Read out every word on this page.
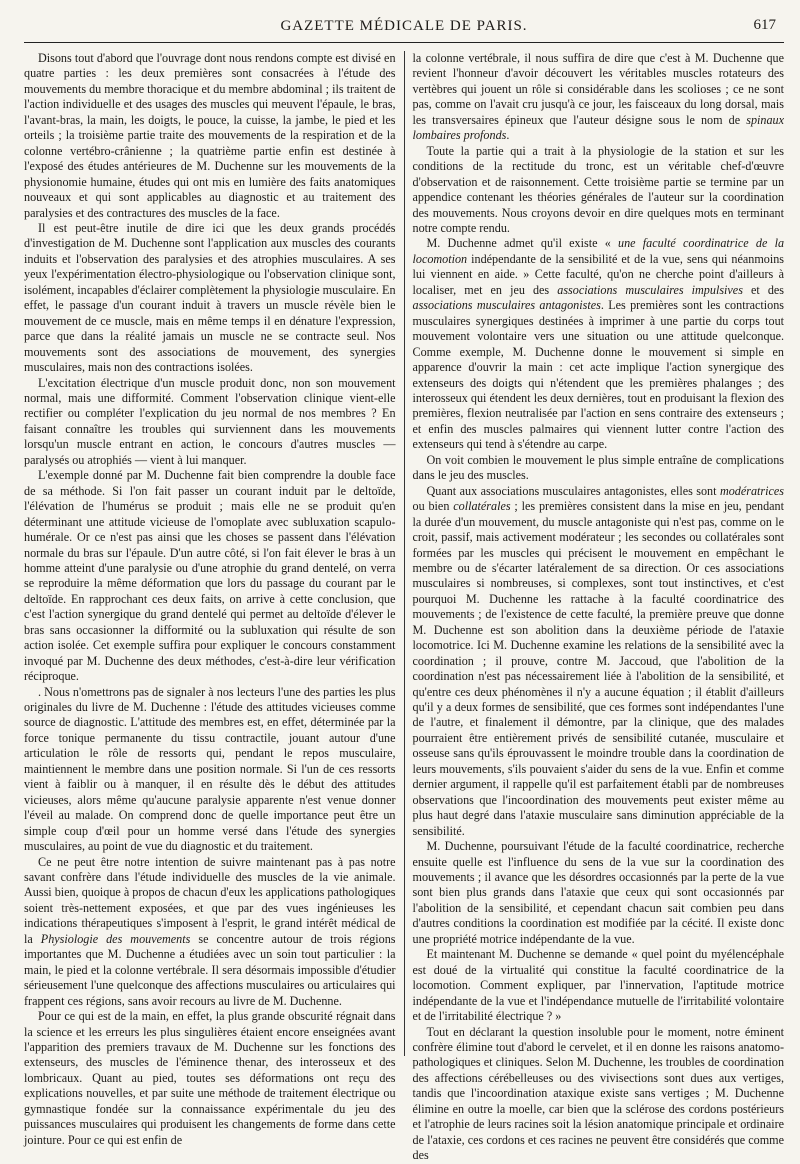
GAZETTE MÉDICALE DE PARIS.	617

Disons tout d'abord que l'ouvrage dont nous rendons compte est divisé en quatre parties : les deux premières sont consacrées à l'étude des mouvements du membre thoracique et du membre abdominal ; ils traitent de l'action individuelle et des usages des muscles qui meuvent l'épaule, le bras, l'avant-bras, la main, les doigts, le pouce, la cuisse, la jambe, le pied et les orteils ; la troisième partie traite des mouvements de la respiration et de la colonne vertébro-crânienne ; la quatrième partie enfin est destinée à l'exposé des études antérieures de M. Duchenne sur les mouvements de la physionomie humaine, études qui ont mis en lumière des faits anatomiques nouveaux et qui sont applicables au diagnostic et au traitement des paralysies et des contractures des muscles de la face.

Il est peut-être inutile de dire ici que les deux grands procédés d'investigation de M. Duchenne sont l'application aux muscles des courants induits et l'observation des paralysies et des atrophies musculaires. A ses yeux l'expérimentation électro-physiologique ou l'observation clinique sont, isolément, incapables d'éclairer complètement la physiologie musculaire. En effet, le passage d'un courant induit à travers un muscle révèle bien le mouvement de ce muscle, mais en même temps il en dénature l'expression, parce que dans la réalité jamais un muscle ne se contracte seul. Nos mouvements sont des associations de mouvement, des synergies musculaires, mais non des contractions isolées.

L'excitation électrique d'un muscle produit donc, non son mouvement normal, mais une difformité. Comment l'observation clinique vient-elle rectifier ou compléter l'explication du jeu normal de nos membres ? En faisant connaître les troubles qui surviennent dans les mouvements lorsqu'un muscle entrant en action, le concours d'autres muscles — paralysés ou atrophiés — vient à lui manquer.

L'exemple donné par M. Duchenne fait bien comprendre la double face de sa méthode. Si l'on fait passer un courant induit par le deltoïde, l'élévation de l'humérus se produit ; mais elle ne se produit qu'en déterminant une attitude vicieuse de l'omoplate avec subluxation scapulo-humérale. Or ce n'est pas ainsi que les choses se passent dans l'élévation normale du bras sur l'épaule. D'un autre côté, si l'on fait élever le bras à un homme atteint d'une paralysie ou d'une atrophie du grand dentelé, on verra se reproduire la même déformation que lors du passage du courant par le deltoïde. En rapprochant ces deux faits, on arrive à cette conclusion, que c'est l'action synergique du grand dentelé qui permet au deltoïde d'élever le bras sans occasionner la difformité ou la subluxation qui résulte de son action isolée. Cet exemple suffira pour expliquer le concours constamment invoqué par M. Duchenne des deux méthodes, c'est-à-dire leur vérification réciproque.

. Nous n'omettrons pas de signaler à nos lecteurs l'une des parties les plus originales du livre de M. Duchenne : l'étude des attitudes vicieuses comme source de diagnostic. L'attitude des membres est, en effet, déterminée par la force tonique permanente du tissu contractile, jouant autour d'une articulation le rôle de ressorts qui, pendant le repos musculaire, maintiennent le membre dans une position normale. Si l'un de ces ressorts vient à faiblir ou à manquer, il en résulte dès le début des attitudes vicieuses, alors même qu'aucune paralysie apparente n'est venue donner l'éveil au malade. On comprend donc de quelle importance peut être un simple coup d'œil pour un homme versé dans l'étude des synergies musculaires, au point de vue du diagnostic et du traitement.

Ce ne peut être notre intention de suivre maintenant pas à pas notre savant confrère dans l'étude individuelle des muscles de la vie animale. Aussi bien, quoique à propos de chacun d'eux les applications pathologiques soient très-nettement exposées, et que par des vues ingénieuses les indications thérapeutiques s'imposent à l'esprit, le grand intérêt médical de la Physiologie des mouvements se concentre autour de trois régions importantes que M. Duchenne a étudiées avec un soin tout particulier : la main, le pied et la colonne vertébrale. Il sera désormais impossible d'étudier sérieusement l'une quelconque des affections musculaires ou articulaires qui frappent ces régions, sans avoir recours au livre de M. Duchenne.

Pour ce qui est de la main, en effet, la plus grande obscurité régnait dans la science et les erreurs les plus singulières étaient encore enseignées avant l'apparition des premiers travaux de M. Duchenne sur les fonctions des extenseurs, des muscles de l'éminence thenar, des interosseux et des lombricaux. Quant au pied, toutes ses déformations ont reçu des explications nouvelles, et par suite une méthode de traitement électrique ou gymnastique fondée sur la connaissance expérimentale du jeu des puissances musculaires qui produisent les changements de forme dans cette jointure. Pour ce qui est enfin de

la colonne vertébrale, il nous suffira de dire que c'est à M. Duchenne que revient l'honneur d'avoir découvert les véritables muscles rotateurs des vertèbres qui jouent un rôle si considérable dans les scolioses ; ce ne sont pas, comme on l'avait cru jusqu'à ce jour, les faisceaux du long dorsal, mais les transversaires épineux que l'auteur désigne sous le nom de spinaux lombaires profonds.

Toute la partie qui a trait à la physiologie de la station et sur les conditions de la rectitude du tronc, est un véritable chef-d'œuvre d'observation et de raisonnement. Cette troisième partie se termine par un appendice contenant les théories générales de l'auteur sur la coordination des mouvements. Nous croyons devoir en dire quelques mots en terminant notre compte rendu.

M. Duchenne admet qu'il existe « une faculté coordinatrice de la locomotion indépendante de la sensibilité et de la vue, sens qui néanmoins lui viennent en aide. » Cette faculté, qu'on ne cherche point d'ailleurs à localiser, met en jeu des associations musculaires impulsives et des associations musculaires antagonistes. Les premières sont les contractions musculaires synergiques destinées à imprimer à une partie du corps tout mouvement volontaire vers une situation ou une attitude quelconque. Comme exemple, M. Duchenne donne le mouvement si simple en apparence d'ouvrir la main : cet acte implique l'action synergique des extenseurs des doigts qui n'étendent que les premières phalanges ; des interosseux qui étendent les deux dernières, tout en produisant la flexion des premières, flexion neutralisée par l'action en sens contraire des extenseurs ; et enfin des muscles palmaires qui viennent lutter contre l'action des extenseurs qui tend à s'étendre au carpe.

On voit combien le mouvement le plus simple entraîne de complications dans le jeu des muscles.

Quant aux associations musculaires antagonistes, elles sont modératrices ou bien collatérales ; les premières consistent dans la mise en jeu, pendant la durée d'un mouvement, du muscle antagoniste qui n'est pas, comme on le croit, passif, mais activement modérateur ; les secondes ou collatérales sont formées par les muscles qui précisent le mouvement en empêchant le membre ou de s'écarter latéralement de sa direction. Or ces associations musculaires si nombreuses, si complexes, sont tout instinctives, et c'est pourquoi M. Duchenne les rattache à la faculté coordinatrice des mouvements ; de l'existence de cette faculté, la première preuve que donne M. Duchenne est son abolition dans la deuxième période de l'ataxie locomotrice. Ici M. Duchenne examine les relations de la sensibilité avec la coordination ; il prouve, contre M. Jaccoud, que l'abolition de la coordination n'est pas nécessairement liée à l'abolition de la sensibilité, et qu'entre ces deux phénomènes il n'y a aucune équation ; il établit d'ailleurs qu'il y a deux formes de sensibilité, que ces formes sont indépendantes l'une de l'autre, et finalement il démontre, par la clinique, que des malades pourraient être entièrement privés de sensibilité cutanée, musculaire et osseuse sans qu'ils éprouvassent le moindre trouble dans la coordination de leurs mouvements, s'ils pouvaient s'aider du sens de la vue. Enfin et comme dernier argument, il rappelle qu'il est parfaitement établi par de nombreuses observations que l'incoordination des mouvements peut exister même au plus haut degré dans l'ataxie musculaire sans diminution appréciable de la sensibilité.

M. Duchenne, poursuivant l'étude de la faculté coordinatrice, recherche ensuite quelle est l'influence du sens de la vue sur la coordination des mouvements ; il avance que les désordres occasionnés par la perte de la vue sont bien plus grands dans l'ataxie que ceux qui sont occasionnés par l'abolition de la sensibilité, et cependant chacun sait combien peu dans d'autres conditions la coordination est modifiée par la cécité. Il existe donc une propriété motrice indépendante de la vue.

Et maintenant M. Duchenne se demande « quel point du myélencéphale est doué de la virtualité qui constitue la faculté coordinatrice de la locomotion. Comment expliquer, par l'innervation, l'aptitude motrice indépendante de la vue et l'indépendance mutuelle de l'irritabilité volontaire et de l'irritabilité électrique ? »

Tout en déclarant la question insoluble pour le moment, notre éminent confrère élimine tout d'abord le cervelet, et il en donne les raisons anatomo-pathologiques et cliniques. Selon M. Duchenne, les troubles de coordination des affections cérébelleuses ou des vivisections sont dues aux vertiges, tandis que l'incoordination ataxique existe sans vertiges ; M. Duchenne élimine en outre la moelle, car bien que la sclérose des cordons postérieurs et l'atrophie de leurs racines soit la lésion anatomique principale et ordinaire de l'ataxie, ces cordons et ces racines ne peuvent être considérés que comme des
